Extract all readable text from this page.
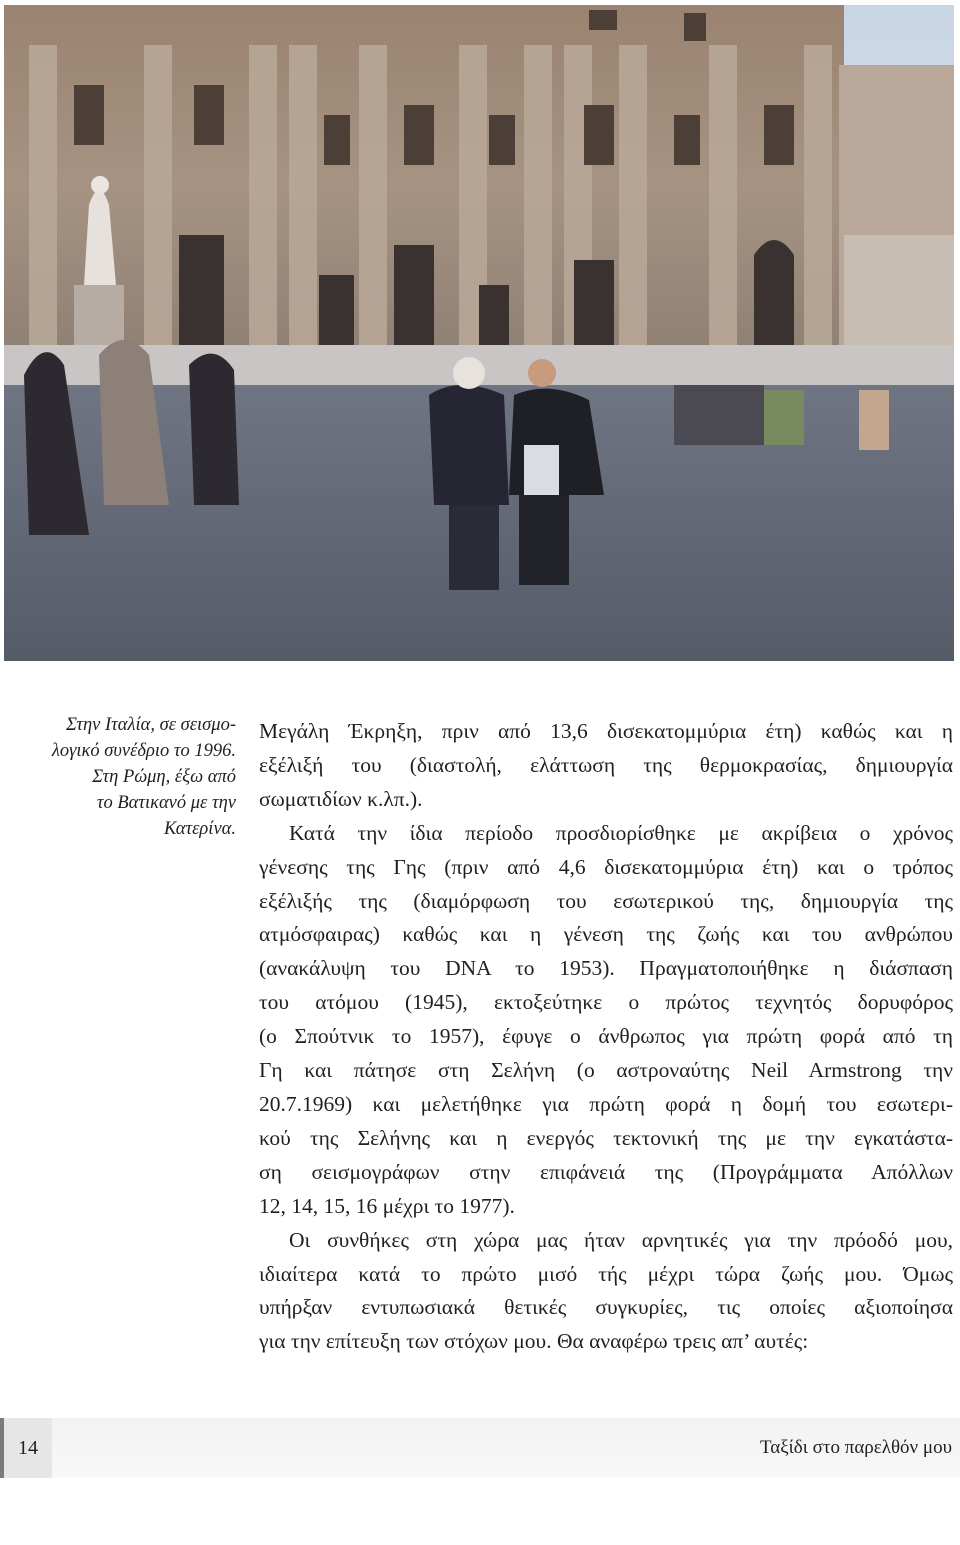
Στην Ιταλία, σε σεισμο-
λογικό συνέδριο το 1996.
Στη Ρώμη, έξω από
το Βατικανό με την
Κατερίνα.

Μεγάλη Έκρηξη, πριν από 13,6 δισεκατομμύρια έτη) καθώς και η
εξέλιξή του (διαστολή, ελάττωση της θερμοκρασίας, δημιουργία
σωματιδίων κ.λπ.).

Κατά την ίδια περίοδο προσδιορίσθηκε με ακρίβεια ο χρόνος
γένεσης της Γης (πριν από 4,6 δισεκατομμύρια έτη) και ο τρόπος
εξέλιξής της (διαμόρφωση του εσωτερικού της, δημιουργία της
ατμόσφαιρας) καθώς και η γένεση της ζωής και του ανθρώπου
(ανακάλυψη του DNA το 1953). Πραγματοποιήθηκε η διάσπαση
του ατόμου (1945), εκτοξεύτηκε ο πρώτος τεχνητός δορυφόρος
(ο Σπούτνικ το 1957), έφυγε ο άνθρωπος για πρώτη φορά από τη
Γη και πάτησε στη Σελήνη (ο αστροναύτης Neil Armstrong την
20.7.1969) και μελετήθηκε για πρώτη φορά η δομή του εσωτερι-
κού της Σελήνης και η ενεργός τεκτονική της με την εγκατάστα-
ση σεισμογράφων στην επιφάνειά της (Προγράμματα Απόλλων
12, 14, 15, 16 μέχρι το 1977).

Οι συνθήκες στη χώρα μας ήταν αρνητικές για την πρόοδό μου,
ιδιαίτερα κατά το πρώτο μισό τής μέχρι τώρα ζωής μου. Όμως
υπήρξαν εντυπωσιακά θετικές συγκυρίες, τις οποίες αξιοποίησα
για την επίτευξη των στόχων μου. Θα αναφέρω τρεις απ’ αυτές:

14	Ταξίδι στο παρελθόν μου
